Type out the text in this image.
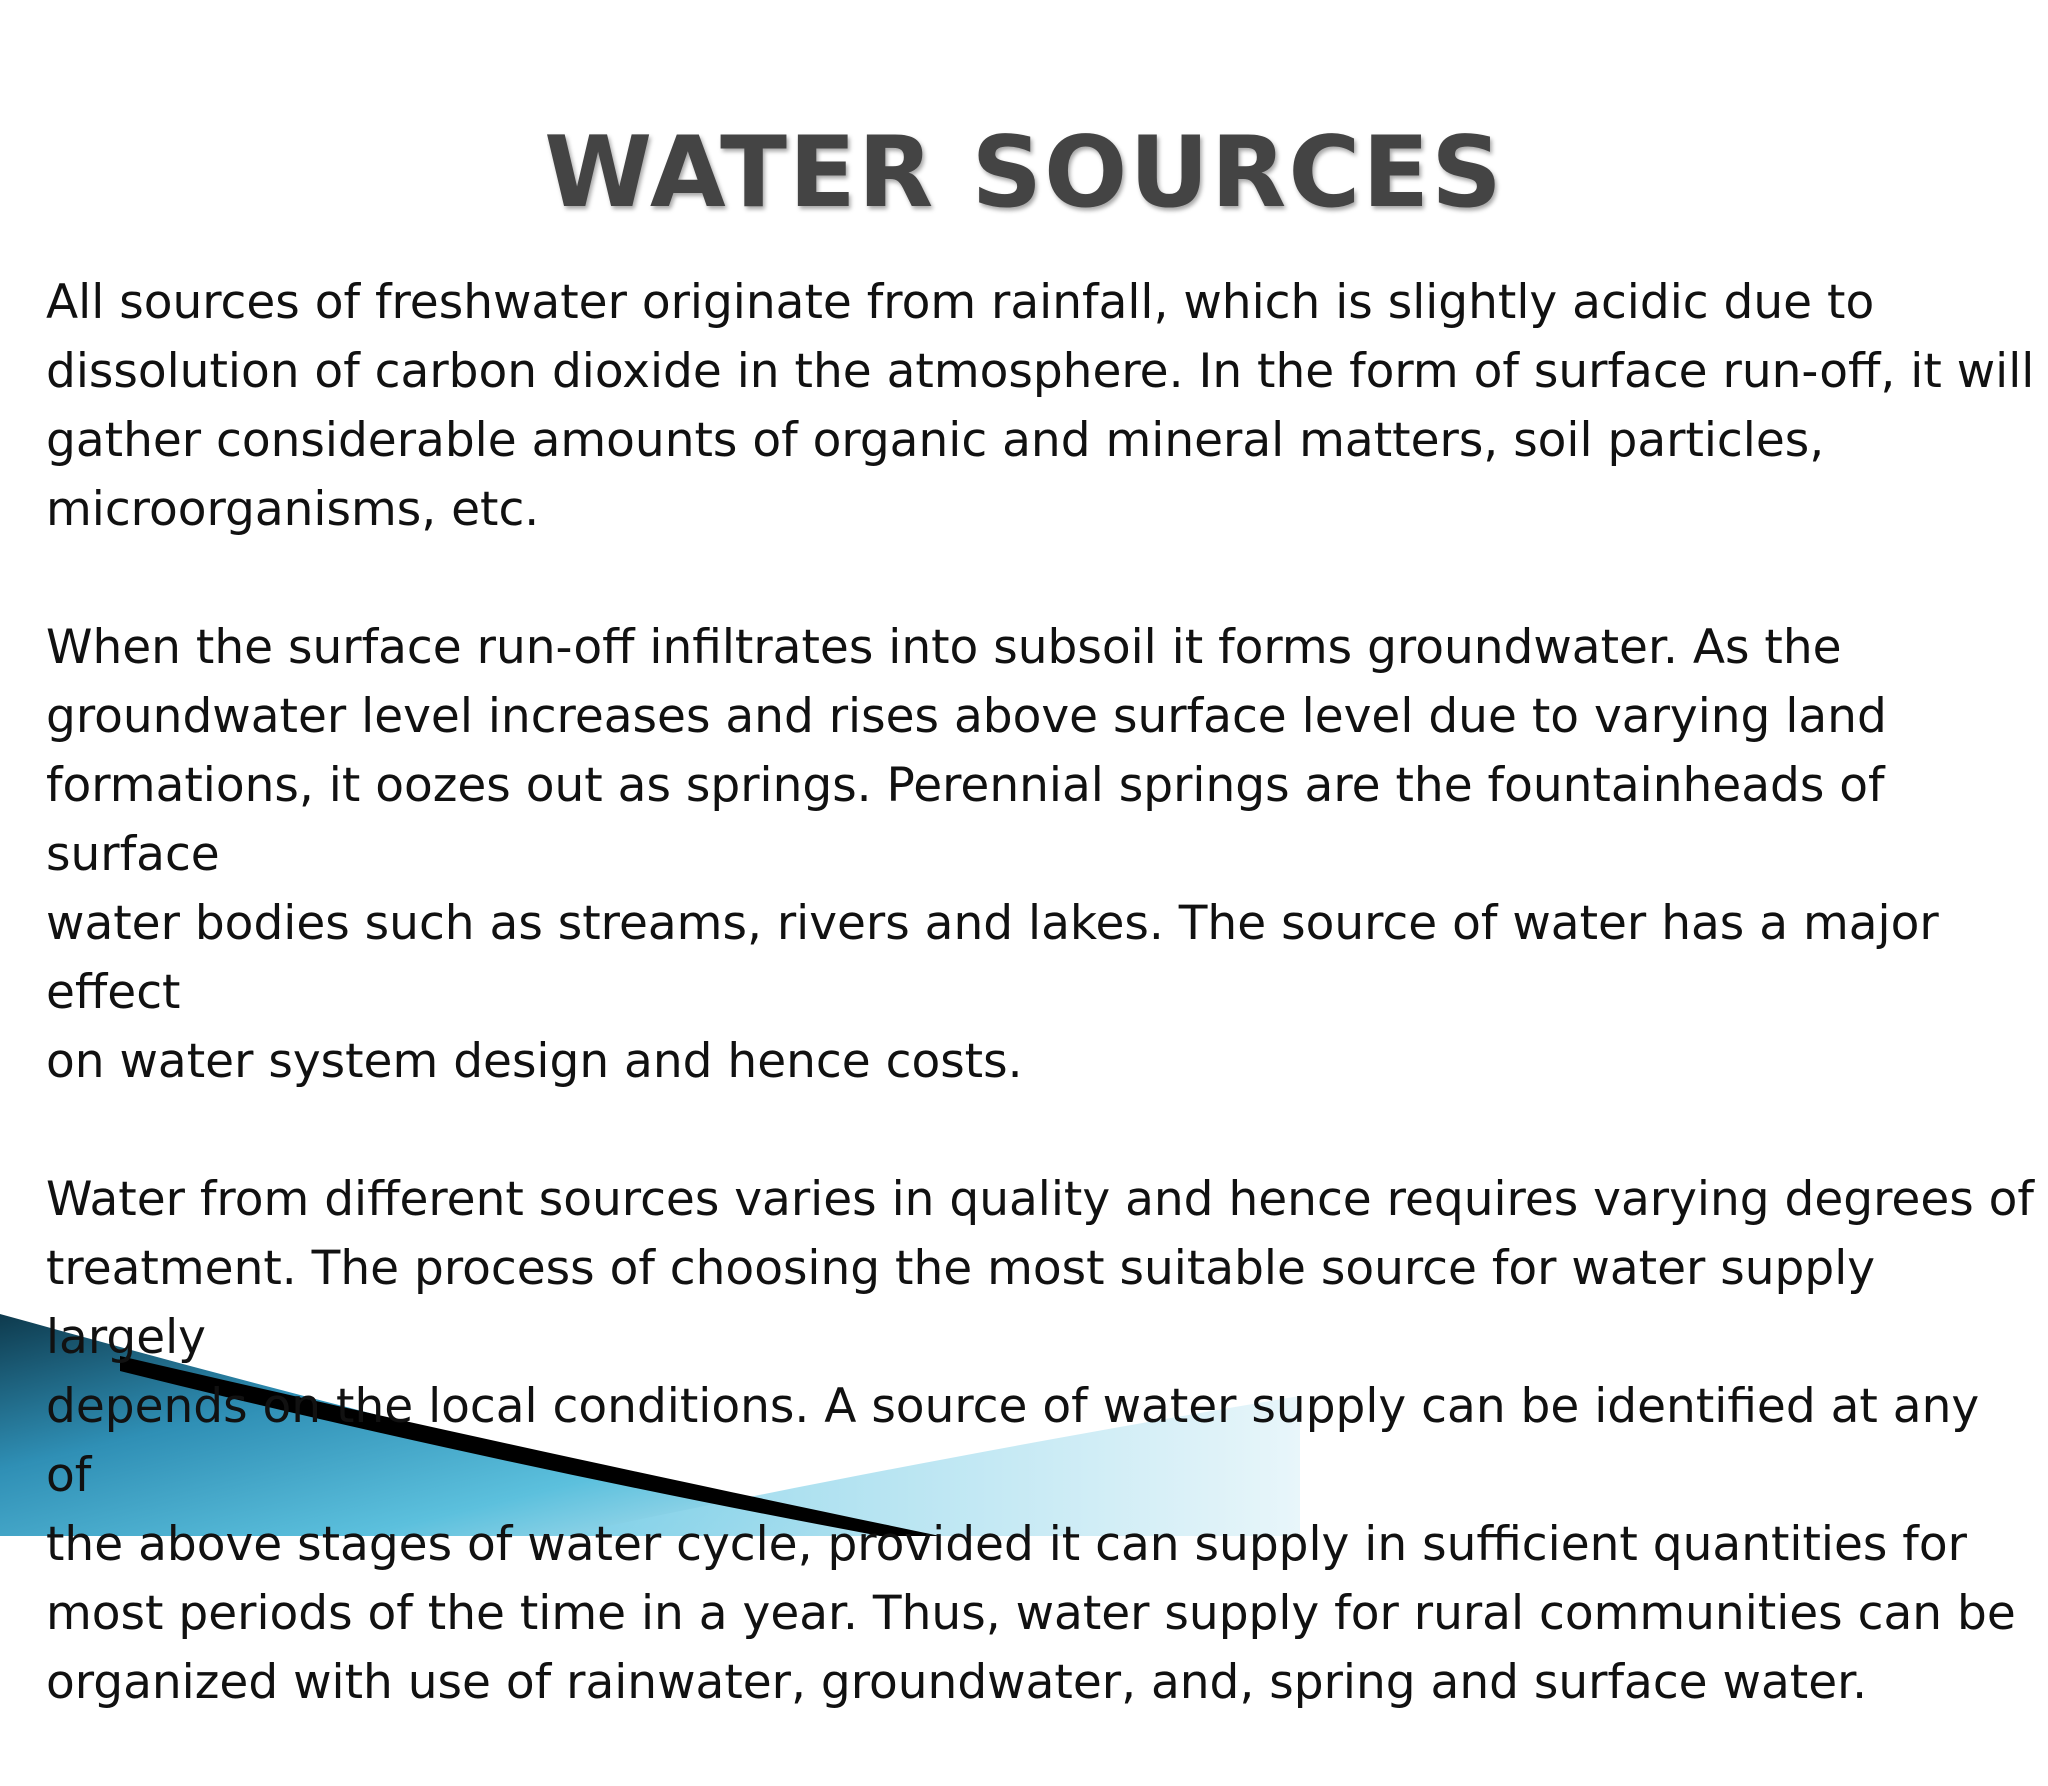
WATER SOURCES

All sources of freshwater originate from rainfall, which is slightly acidic due to
dissolution of carbon dioxide in the atmosphere. In the form of surface run-off, it will
gather considerable amounts of organic and mineral matters, soil particles,
microorganisms, etc.

When the surface run-off infiltrates into subsoil it forms groundwater. As the
groundwater level increases and rises above surface level due to varying land
formations, it oozes out as springs. Perennial springs are the fountainheads of surface
water bodies such as streams, rivers and lakes. The source of water has a major effect
on water system design and hence costs.

Water from different sources varies in quality and hence requires varying degrees of
treatment. The process of choosing the most suitable source for water supply largely
depends on the local conditions. A source of water supply can be identified at any of
the above stages of water cycle, provided it can supply in sufficient quantities for
most periods of the time in a year. Thus, water supply for rural communities can be
organized with use of rainwater, groundwater, and, spring and surface water.
